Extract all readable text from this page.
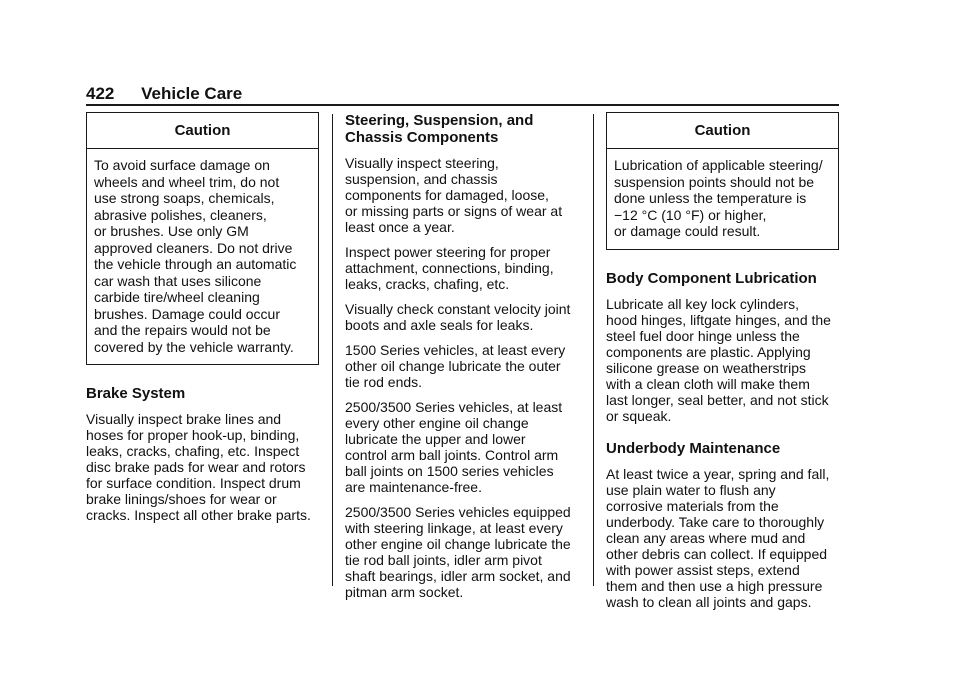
422 Vehicle Care
Caution
To avoid surface damage on
wheels and wheel trim, do not
use strong soaps, chemicals,
abrasive polishes, cleaners,
or brushes. Use only GM
approved cleaners. Do not drive
the vehicle through an automatic
car wash that uses silicone
carbide tire/wheel cleaning
brushes. Damage could occur
and the repairs would not be
covered by the vehicle warranty.
Brake System
Visually inspect brake lines and
hoses for proper hook-up, binding,
leaks, cracks, chafing, etc. Inspect
disc brake pads for wear and rotors
for surface condition. Inspect drum
brake linings/shoes for wear or
cracks. Inspect all other brake parts.
Steering, Suspension, and
Chassis Components
Visually inspect steering,
suspension, and chassis
components for damaged, loose,
or missing parts or signs of wear at
least once a year.
Inspect power steering for proper
attachment, connections, binding,
leaks, cracks, chafing, etc.
Visually check constant velocity joint
boots and axle seals for leaks.
1500 Series vehicles, at least every
other oil change lubricate the outer
tie rod ends.
2500/3500 Series vehicles, at least
every other engine oil change
lubricate the upper and lower
control arm ball joints. Control arm
ball joints on 1500 series vehicles
are maintenance-free.
2500/3500 Series vehicles equipped
with steering linkage, at least every
other engine oil change lubricate the
tie rod ball joints, idler arm pivot
shaft bearings, idler arm socket, and
pitman arm socket.
Caution
Lubrication of applicable steering/
suspension points should not be
done unless the temperature is
−12 °C (10 °F) or higher,
or damage could result.
Body Component Lubrication
Lubricate all key lock cylinders,
hood hinges, liftgate hinges, and the
steel fuel door hinge unless the
components are plastic. Applying
silicone grease on weatherstrips
with a clean cloth will make them
last longer, seal better, and not stick
or squeak.
Underbody Maintenance
At least twice a year, spring and fall,
use plain water to flush any
corrosive materials from the
underbody. Take care to thoroughly
clean any areas where mud and
other debris can collect. If equipped
with power assist steps, extend
them and then use a high pressure
wash to clean all joints and gaps.
